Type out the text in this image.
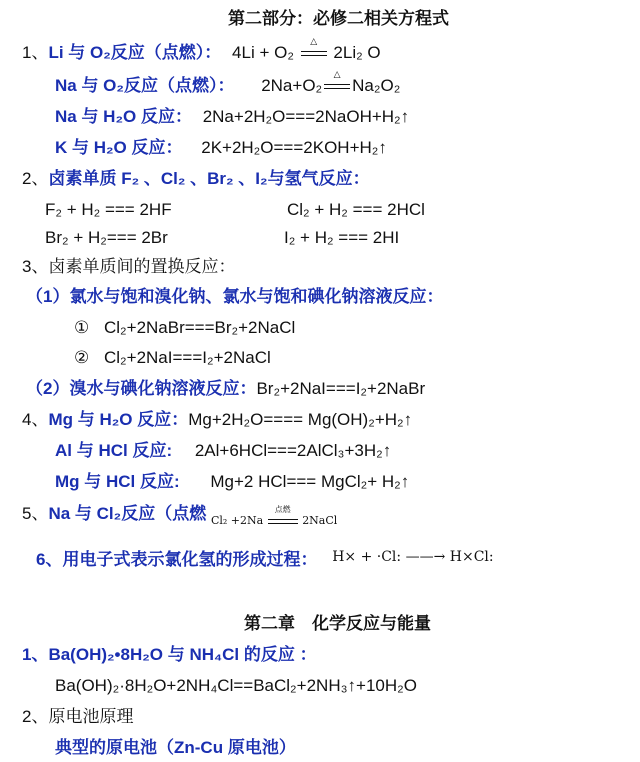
第二部分：必修二相关方程式
1、Li 与 O₂反应（点燃）： 4Li + O₂
△
2Li₂ O
Na 与 O₂反应（点燃）： 2Na+O₂
△
Na₂O₂
Na 与 H₂O 反应： 2Na+2H₂O===2NaOH+H₂↑
K 与 H₂O 反应： 2K+2H₂O===2KOH+H₂↑
2、卤素单质 F₂ 、Cl₂ 、Br₂ 、I₂与氢气反应：
F₂ + H₂ === 2HF	Cl₂ + H₂ === 2HCl
Br₂ + H₂=== 2Br	I₂ + H₂ === 2HI
3、卤素单质间的置换反应：
（1）氯水与饱和溴化钠、氯水与饱和碘化钠溶液反应：
① Cl₂+2NaBr===Br₂+2NaCl
② Cl₂+2NaI===I₂+2NaCl
（2）溴水与碘化钠溶液反应：Br₂+2NaI===I₂+2NaBr
4、Mg 与 H₂O 反应：Mg+2H₂O==== Mg(OH)₂+H₂↑
Al 与 HCl 反应: 2Al+6HCl===2AlCl₃+3H₂↑
Mg 与 HCl 反应: Mg+2 HCl=== MgCl₂+ H₂↑
5、Na 与 Cl₂反应（点燃 $_{Cl_2 +2Na 点燃 2NaCl}$
6、用电子式表示氯化氢的形成过程： $^{H\times + \cdot Cl: ——\to H\times Cl:}$
第二章　化学反应与能量
1、Ba(OH)₂•8H₂O 与 NH₄Cl 的反应 ：
Ba(OH)₂·8H₂O+2NH₄Cl==BaCl₂+2NH₃↑+10H₂O
2、原电池原理
典型的原电池（Zn-Cu 原电池）
